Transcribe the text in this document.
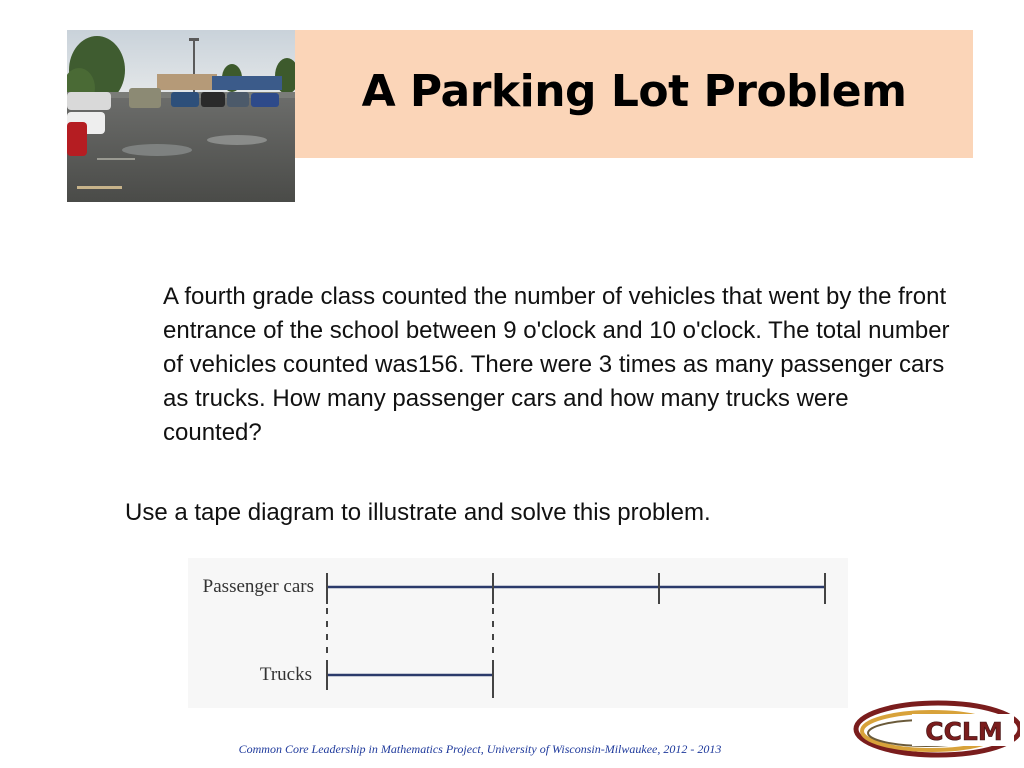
A Parking Lot Problem
A fourth grade class counted the number of vehicles that went by the front entrance of the school between 9 o'clock and 10 o'clock. The total number of vehicles counted was156. There were 3 times as many passenger cars as trucks. How many passenger cars and how many trucks were counted?
Use a tape diagram to illustrate and solve this problem.
Passenger cars
Trucks
Common Core Leadership in Mathematics Project, University of Wisconsin-Milwaukee, 2012 - 2013
CCLM
